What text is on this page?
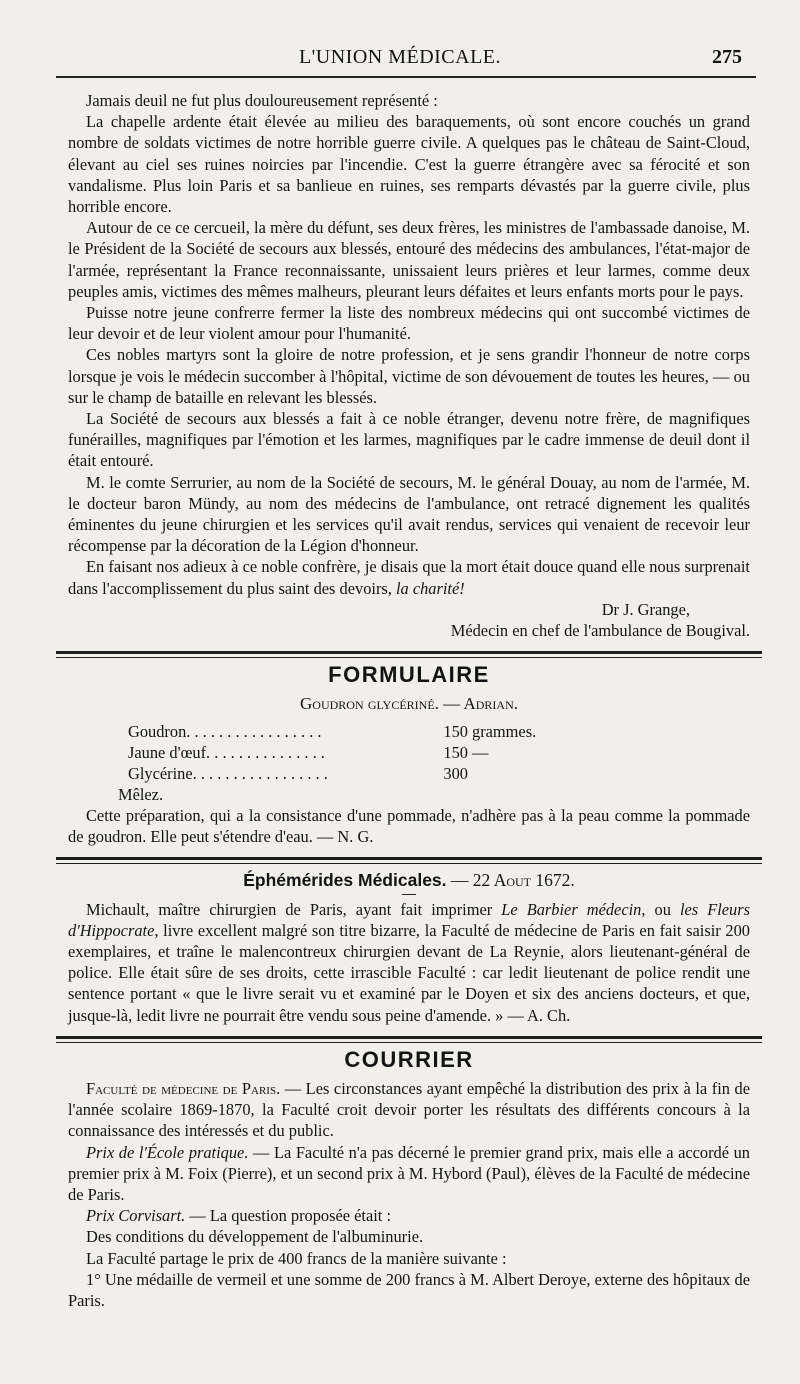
L'UNION MÉDICALE.	275

Jamais deuil ne fut plus douloureusement représenté :

La chapelle ardente était élevée au milieu des baraquements, où sont encore couchés un grand nombre de soldats victimes de notre horrible guerre civile. A quelques pas le château de Saint-Cloud, élevant au ciel ses ruines noircies par l'incendie. C'est la guerre étrangère avec sa férocité et son vandalisme. Plus loin Paris et sa banlieue en ruines, ses remparts dévastés par la guerre civile, plus horrible encore.

Autour de ce ce cercueil, la mère du défunt, ses deux frères, les ministres de l'ambassade danoise, M. le Président de la Société de secours aux blessés, entouré des médecins des ambulances, l'état-major de l'armée, représentant la France reconnaissante, unissaient leurs prières et leur larmes, comme deux peuples amis, victimes des mêmes malheurs, pleurant leurs défaites et leurs enfants morts pour le pays.

Puisse notre jeune confrerre fermer la liste des nombreux médecins qui ont succombé victimes de leur devoir et de leur violent amour pour l'humanité.

Ces nobles martyrs sont la gloire de notre profession, et je sens grandir l'honneur de notre corps lorsque je vois le médecin succomber à l'hôpital, victime de son dévouement de toutes les heures, — ou sur le champ de bataille en relevant les blessés.

La Société de secours aux blessés a fait à ce noble étranger, devenu notre frère, de magnifiques funérailles, magnifiques par l'émotion et les larmes, magnifiques par le cadre immense de deuil dont il était entouré.

M. le comte Serrurier, au nom de la Société de secours, M. le général Douay, au nom de l'armée, M. le docteur baron Mündy, au nom des médecins de l'ambulance, ont retracé dignement les qualités éminentes du jeune chirurgien et les services qu'il avait rendus, services qui venaient de recevoir leur récompense par la décoration de la Légion d'honneur.

En faisant nos adieux à ce noble confrère, je disais que la mort était douce quand elle nous surprenait dans l'accomplissement du plus saint des devoirs, la charité!

Dr J. Grange,

Médecin en chef de l'ambulance de Bougival.

FORMULAIRE
Goudron glycériné. — Adrian.
Goudron. . . . . . . . . . . . . . . . .	150 grammes.
Jaune d'œuf. . . . . . . . . . . . . . .	150 —
Glycérine. . . . . . . . . . . . . . . . .	300

Mêlez.

Cette préparation, qui a la consistance d'une pommade, n'adhère pas à la peau comme la pommade de goudron. Elle peut s'étendre d'eau. — N. G.

Éphémérides Médicales. — 22 Aout 1672.

Michault, maître chirurgien de Paris, ayant fait imprimer Le Barbier médecin, ou les Fleurs d'Hippocrate, livre excellent malgré son titre bizarre, la Faculté de médecine de Paris en fait saisir 200 exemplaires, et traîne le malencontreux chirurgien devant de La Reynie, alors lieutenant-général de police. Elle était sûre de ses droits, cette irrascible Faculté : car ledit lieutenant de police rendit une sentence portant « que le livre serait vu et examiné par le Doyen et six des anciens docteurs, et que, jusque-là, ledit livre ne pourrait être vendu sous peine d'amende. » — A. Ch.

COURRIER

Faculté de médecine de Paris. — Les circonstances ayant empêché la distribution des prix à la fin de l'année scolaire 1869-1870, la Faculté croit devoir porter les résultats des différents concours à la connaissance des intéressés et du public.

Prix de l'École pratique. — La Faculté n'a pas décerné le premier grand prix, mais elle a accordé un premier prix à M. Foix (Pierre), et un second prix à M. Hybord (Paul), élèves de la Faculté de médecine de Paris.

Prix Corvisart. — La question proposée était :

Des conditions du développement de l'albuminurie.

La Faculté partage le prix de 400 francs de la manière suivante :

1° Une médaille de vermeil et une somme de 200 francs à M. Albert Deroye, externe des hôpitaux de Paris.
